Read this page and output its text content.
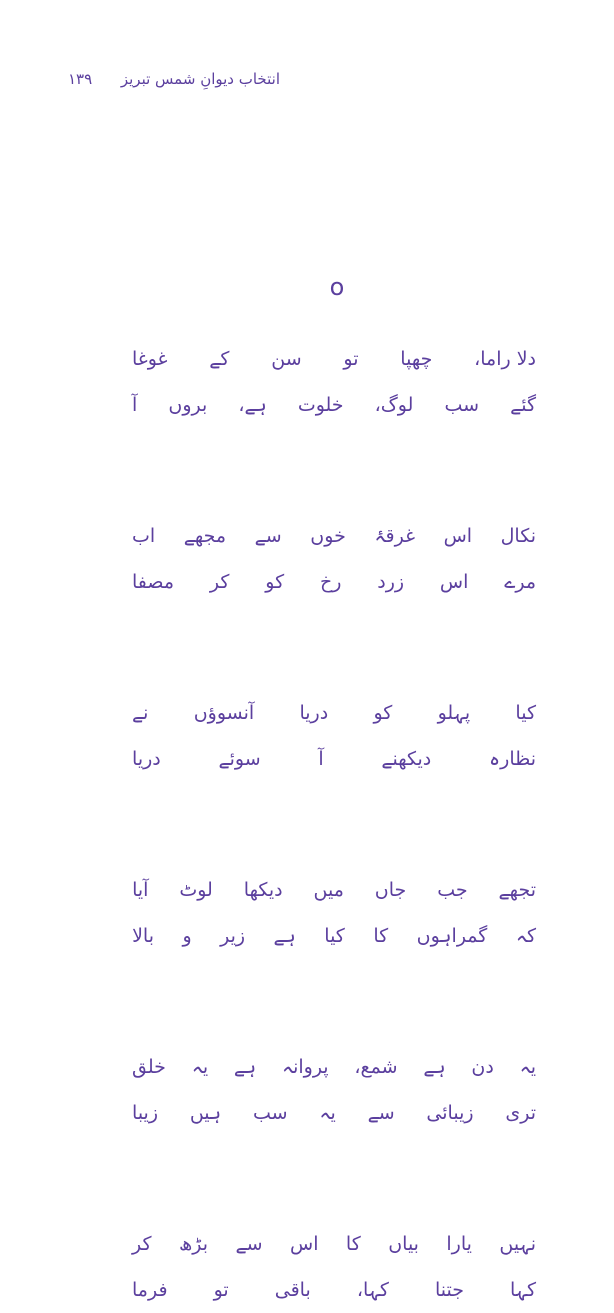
انتخاب دیوانِ شمس تبریز
۱۳۹
o
دلا راما،
چھپا
تو
سن
کے
غوغا
گئے
سب
لوگ،
خلوت
ہے،
بروں
آ
نکال
اس
غرقۂ
خوں
سے
مجھے
اب
مرے
اس
زرد
رخ
کو
کر
مصفا
کیا
پہلو
کو
دریا
آنسوؤں
نے
نظارہ
دیکھنے
آ
سوئے
دریا
تجھے
جب
جاں
میں
دیکھا
لوٹ
آیا
کہ
گمراہوں
کا
کیا
ہے
زیر
و
بالا
یہ
دن
ہے
شمع،
پروانہ
ہے
یہ
خلق
تری
زیبائی
سے
یہ
سب
ہیں
زیبا
نہیں
یارا
بیاں
کا
اس
سے
بڑھ
کر
کہا
جتنا
کہا،
باقی
تو
فرما
